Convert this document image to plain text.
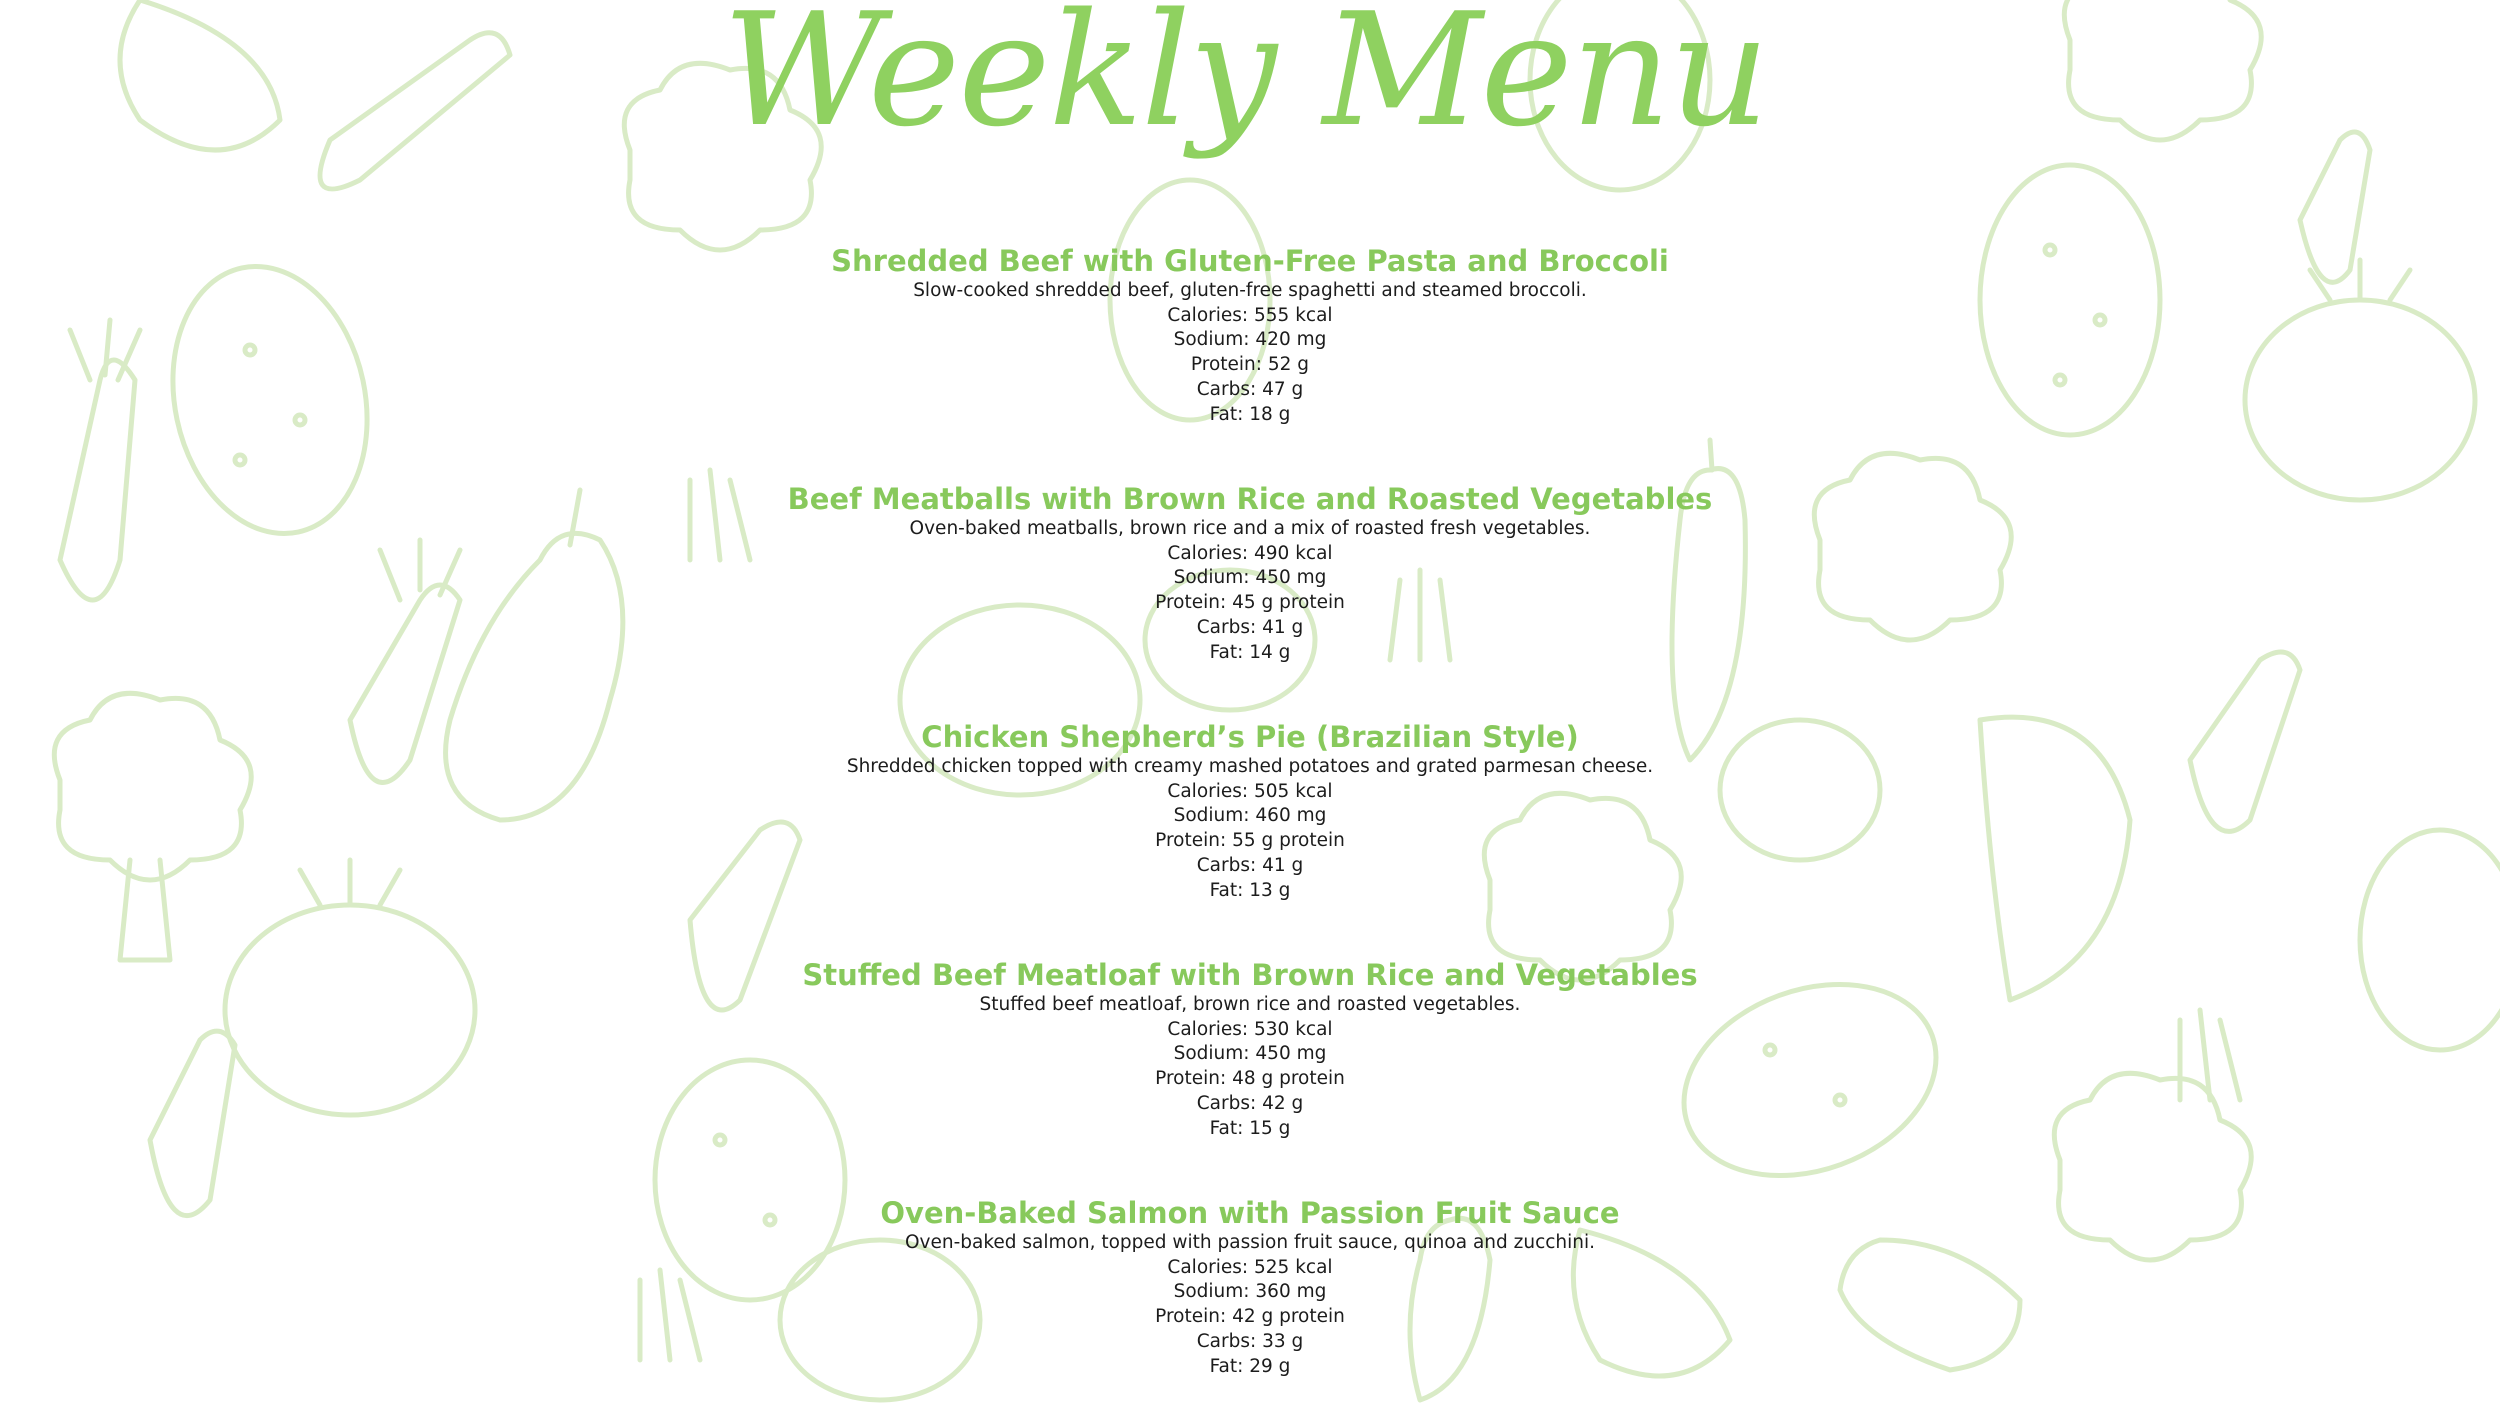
Weekly Menu

Shredded Beef with Gluten-Free Pasta and Broccoli

Slow-cooked shredded beef, gluten-free spaghetti and steamed broccoli.

Calories: 555 kcal

Sodium: 420 mg

Protein: 52 g

Carbs: 47 g

Fat: 18 g

Beef Meatballs with Brown Rice and Roasted Vegetables

Oven-baked meatballs, brown rice and a mix of roasted fresh vegetables.

Calories: 490 kcal

Sodium: 450 mg

Protein: 45 g protein

Carbs: 41 g

Fat: 14 g

Chicken Shepherd’s Pie (Brazilian Style)

Shredded chicken topped with creamy mashed potatoes and grated parmesan cheese.

Calories: 505 kcal

Sodium: 460 mg

Protein: 55 g protein

Carbs: 41 g

Fat: 13 g

Stuffed Beef Meatloaf with Brown Rice and Vegetables

Stuffed beef meatloaf, brown rice and roasted vegetables.

Calories: 530 kcal

Sodium: 450 mg

Protein: 48 g protein

Carbs: 42 g

Fat: 15 g

Oven-Baked Salmon with Passion Fruit Sauce

Oven-baked salmon, topped with passion fruit sauce, quinoa and zucchini.

Calories: 525 kcal

Sodium: 360 mg

Protein: 42 g protein

Carbs: 33 g

Fat: 29 g
